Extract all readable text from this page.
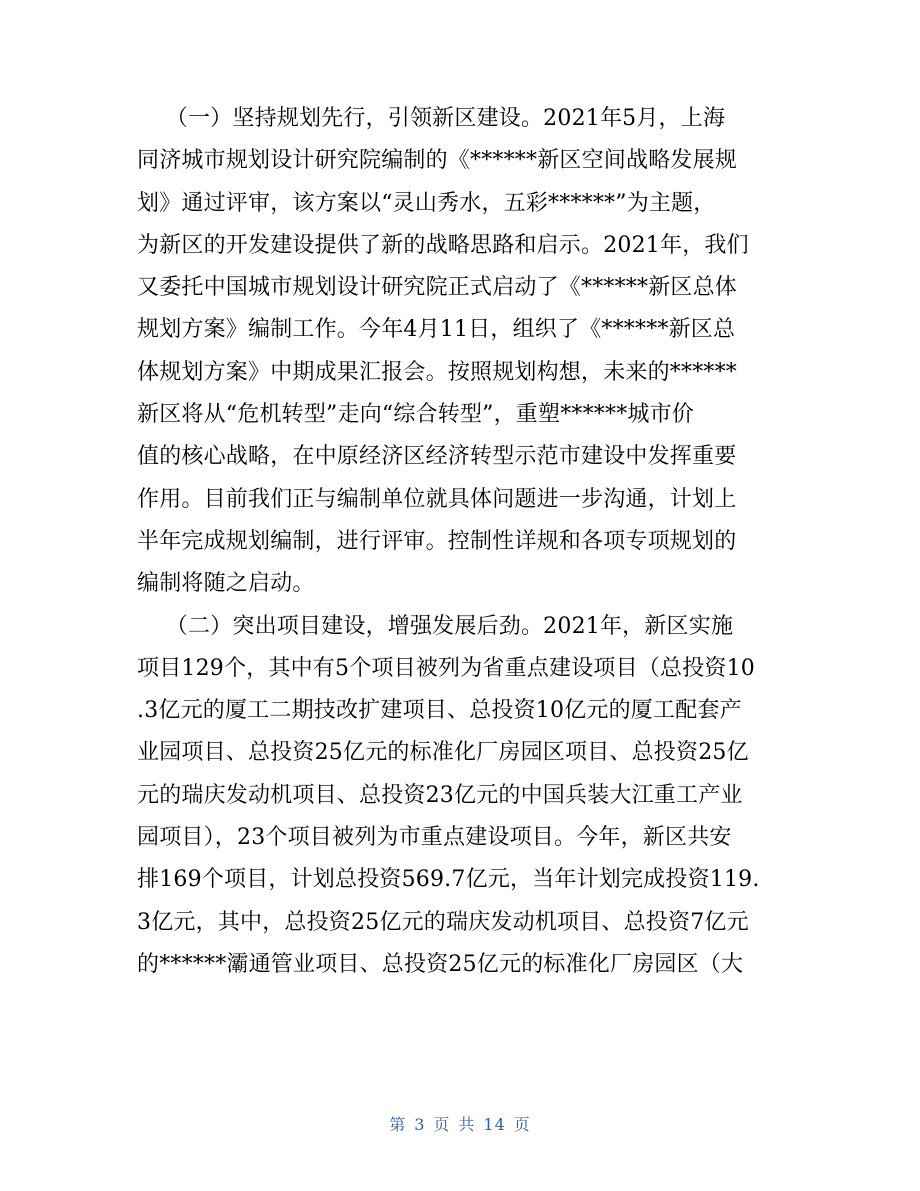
（一）坚持规划先行，引领新区建设。2021年5月，上海
同济城市规划设计研究院编制的《******新区空间战略发展规
划》通过评审，该方案以“灵山秀水，五彩******”为主题，
为新区的开发建设提供了新的战略思路和启示。2021年，我们
又委托中国城市规划设计研究院正式启动了《******新区总体
规划方案》编制工作。今年4月11日，组织了《******新区总
体规划方案》中期成果汇报会。按照规划构想，未来的******
新区将从“危机转型”走向“综合转型”，重塑******城市价
值的核心战略，在中原经济区经济转型示范市建设中发挥重要
作用。目前我们正与编制单位就具体问题进一步沟通，计划上
半年完成规划编制，进行评审。控制性详规和各项专项规划的
编制将随之启动。
（二）突出项目建设，增强发展后劲。2021年，新区实施
项目129个，其中有5个项目被列为省重点建设项目（总投资10
.3亿元的厦工二期技改扩建项目、总投资10亿元的厦工配套产
业园项目、总投资25亿元的标准化厂房园区项目、总投资25亿
元的瑞庆发动机项目、总投资23亿元的中国兵装大江重工产业
园项目），23个项目被列为市重点建设项目。今年，新区共安
排169个项目，计划总投资569.7亿元，当年计划完成投资119.
3亿元，其中，总投资25亿元的瑞庆发动机项目、总投资7亿元
的******灞通管业项目、总投资25亿元的标准化厂房园区（大
第 3 页 共 14 页
